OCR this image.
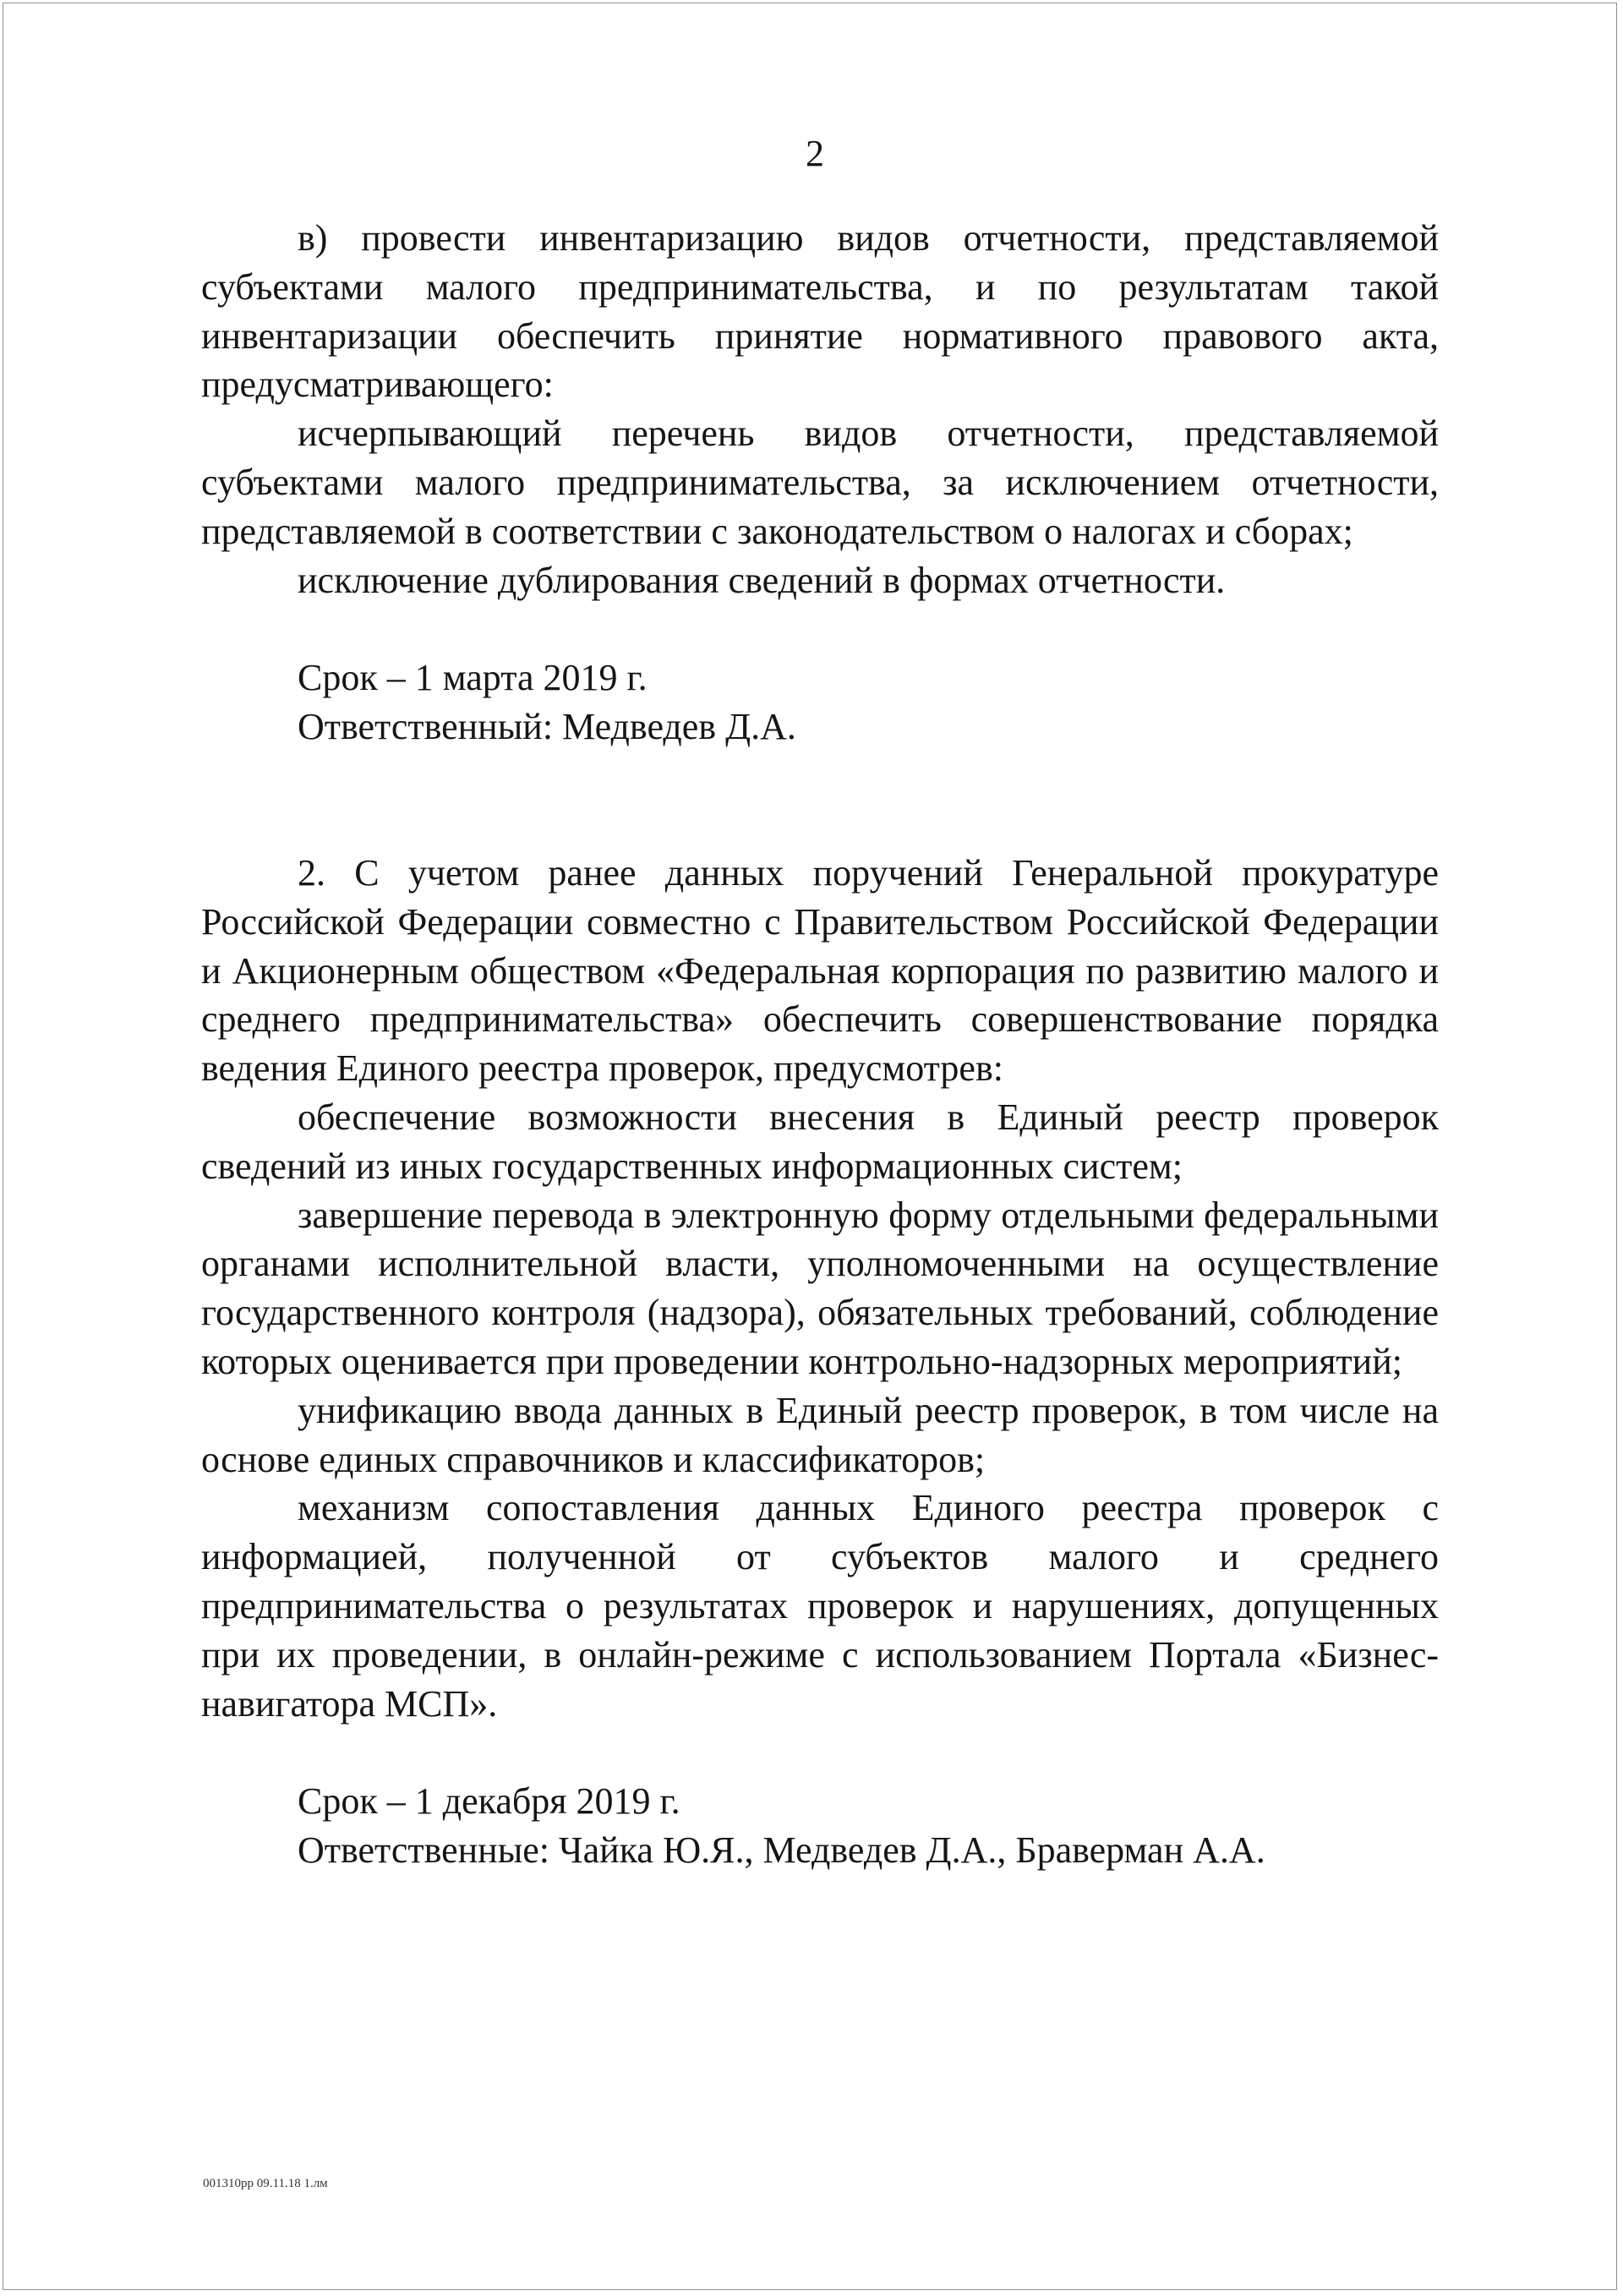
2

в) провести инвентаризацию видов отчетности, представляемой субъектами малого предпринимательства, и по результатам такой инвентаризации обеспечить принятие нормативного правового акта, предусматривающего:

исчерпывающий перечень видов отчетности, представляемой субъектами малого предпринимательства, за исключением отчетности, представляемой в соответствии с законодательством о налогах и сборах;

исключение дублирования сведений в формах отчетности.

Срок – 1 марта 2019 г.

Ответственный: Медведев Д.А.

2. С учетом ранее данных поручений Генеральной прокуратуре Российской Федерации совместно с Правительством Российской Федерации и Акционерным обществом «Федеральная корпорация по развитию малого и среднего предпринимательства» обеспечить совершенствование порядка ведения Единого реестра проверок, предусмотрев:

обеспечение возможности внесения в Единый реестр проверок сведений из иных государственных информационных систем;

завершение перевода в электронную форму отдельными федеральными органами исполнительной власти, уполномоченными на осуществление государственного контроля (надзора), обязательных требований, соблюдение которых оценивается при проведении контрольно-надзорных мероприятий;

унификацию ввода данных в Единый реестр проверок, в том числе на основе единых справочников и классификаторов;

механизм сопоставления данных Единого реестра проверок с информацией, полученной от субъектов малого и среднего предпринимательства о результатах проверок и нарушениях, допущенных при их проведении, в онлайн-режиме с использованием Портала «Бизнес-навигатора МСП».

Срок – 1 декабря 2019 г.

Ответственные: Чайка Ю.Я., Медведев Д.А., Браверман А.А.

001310рр 09.11.18 1.лм
